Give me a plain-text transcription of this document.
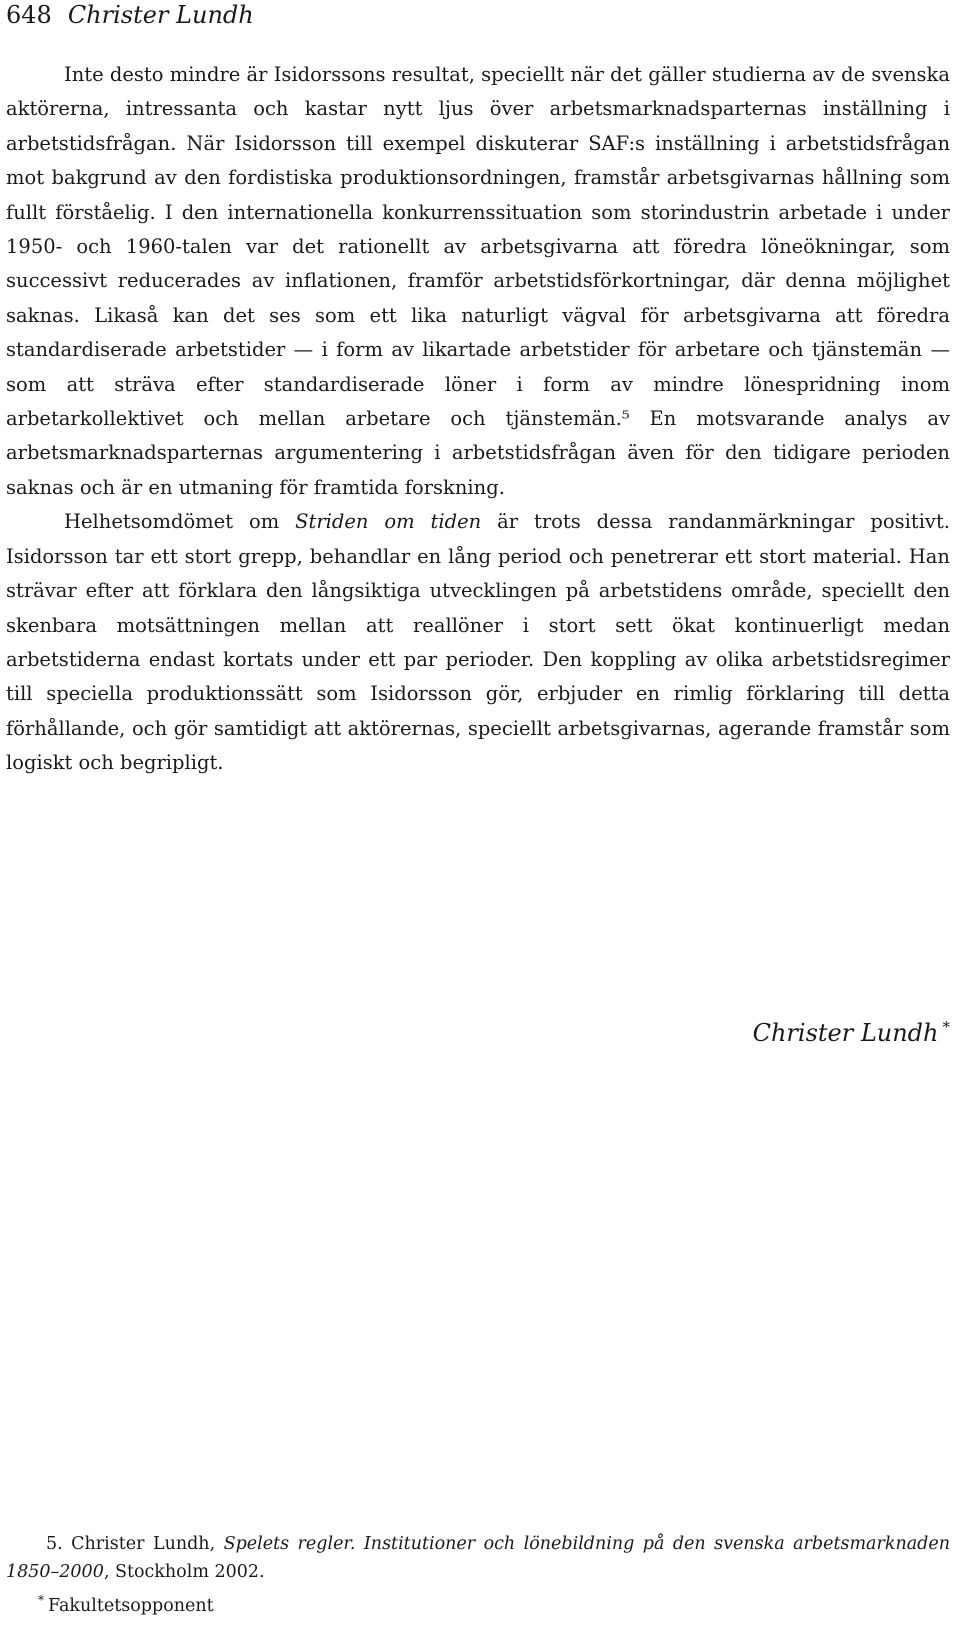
648 Christer Lundh

Inte desto mindre är Isidorssons resultat, speciellt när det gäller studierna av de svenska aktörerna, intressanta och kastar nytt ljus över arbetsmarknadsparternas inställning i arbetstidsfrågan. När Isidorsson till exempel diskuterar SAF:s inställning i arbetstidsfrågan mot bakgrund av den fordistiska produktionsordningen, framstår arbetsgivarnas hållning som fullt förståelig. I den internationella konkurrenssituation som storindustrin arbetade i under 1950- och 1960-talen var det rationellt av arbetsgivarna att föredra löneökningar, som successivt reducerades av inflationen, framför arbetstidsförkortningar, där denna möjlighet saknas. Likaså kan det ses som ett lika naturligt vägval för arbetsgivarna att föredra standardiserade arbetstider — i form av likartade arbetstider för arbetare och tjänstemän — som att sträva efter standardiserade löner i form av mindre lönespridning inom arbetarkollektivet och mellan arbetare och tjänstemän.⁵ En motsvarande analys av arbetsmarknadsparternas argumentering i arbetstidsfrågan även för den tidigare perioden saknas och är en utmaning för framtida forskning.

Helhetsomdömet om Striden om tiden är trots dessa randanmärkningar positivt. Isidorsson tar ett stort grepp, behandlar en lång period och penetrerar ett stort material. Han strävar efter att förklara den långsiktiga utvecklingen på arbetstidens område, speciellt den skenbara motsättningen mellan att reallöner i stort sett ökat kontinuerligt medan arbetstiderna endast kortats under ett par perioder. Den koppling av olika arbetstidsregimer till speciella produktionssätt som Isidorsson gör, erbjuder en rimlig förklaring till detta förhållande, och gör samtidigt att aktörernas, speciellt arbetsgivarnas, agerande framstår som logiskt och begripligt.

Christer Lundh *

5. Christer Lundh, Spelets regler. Institutioner och lönebildning på den svenska arbetsmarknaden 1850–2000, Stockholm 2002.

* Fakultetsopponent
